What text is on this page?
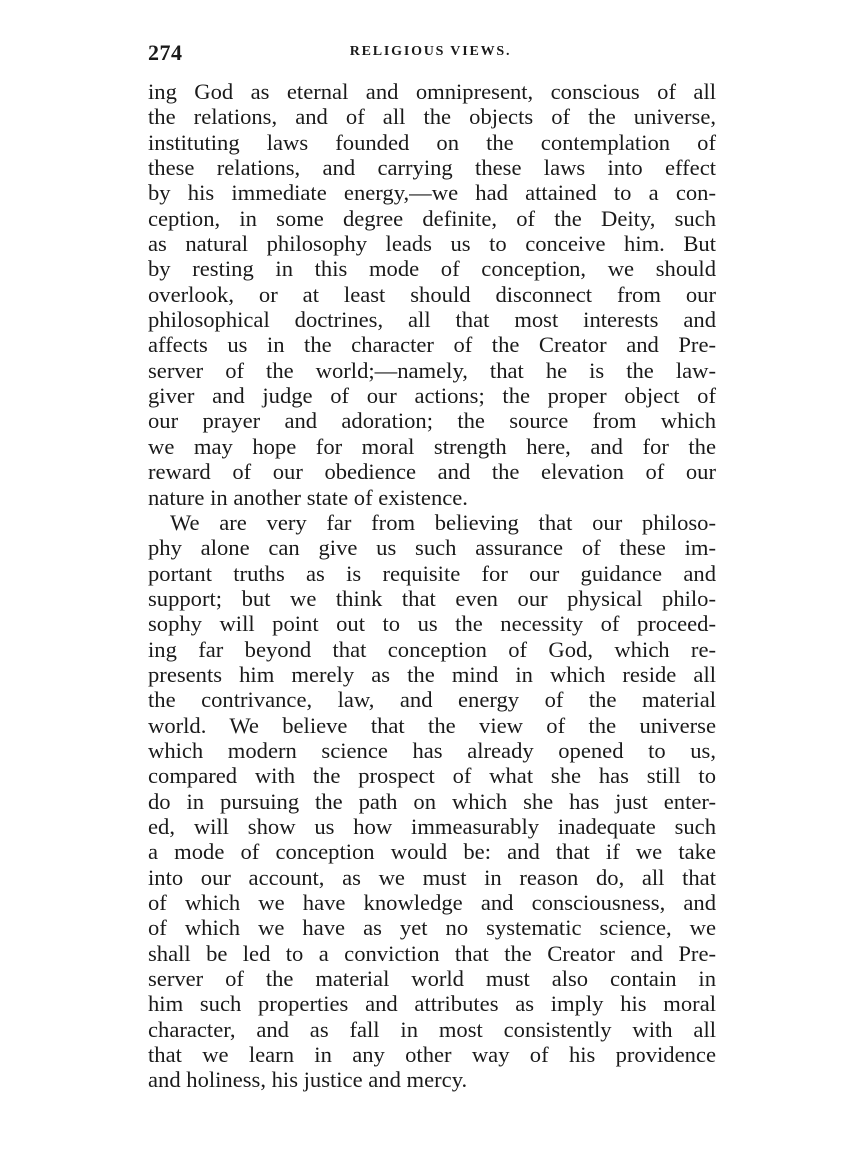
274	RELIGIOUS VIEWS.
ing God as eternal and omnipresent, conscious of all
the relations, and of all the objects of the universe,
instituting laws founded on the contemplation of
these relations, and carrying these laws into effect
by his immediate energy,—we had attained to a con-
ception, in some degree definite, of the Deity, such
as natural philosophy leads us to conceive him. But
by resting in this mode of conception, we should
overlook, or at least should disconnect from our
philosophical doctrines, all that most interests and
affects us in the character of the Creator and Pre-
server of the world;—namely, that he is the law-
giver and judge of our actions; the proper object of
our prayer and adoration; the source from which
we may hope for moral strength here, and for the
reward of our obedience and the elevation of our
nature in another state of existence.
We are very far from believing that our philoso-
phy alone can give us such assurance of these im-
portant truths as is requisite for our guidance and
support; but we think that even our physical philo-
sophy will point out to us the necessity of proceed-
ing far beyond that conception of God, which re-
presents him merely as the mind in which reside all
the contrivance, law, and energy of the material
world. We believe that the view of the universe
which modern science has already opened to us,
compared with the prospect of what she has still to
do in pursuing the path on which she has just enter-
ed, will show us how immeasurably inadequate such
a mode of conception would be: and that if we take
into our account, as we must in reason do, all that
of which we have knowledge and consciousness, and
of which we have as yet no systematic science, we
shall be led to a conviction that the Creator and Pre-
server of the material world must also contain in
him such properties and attributes as imply his moral
character, and as fall in most consistently with all
that we learn in any other way of his providence
and holiness, his justice and mercy.
